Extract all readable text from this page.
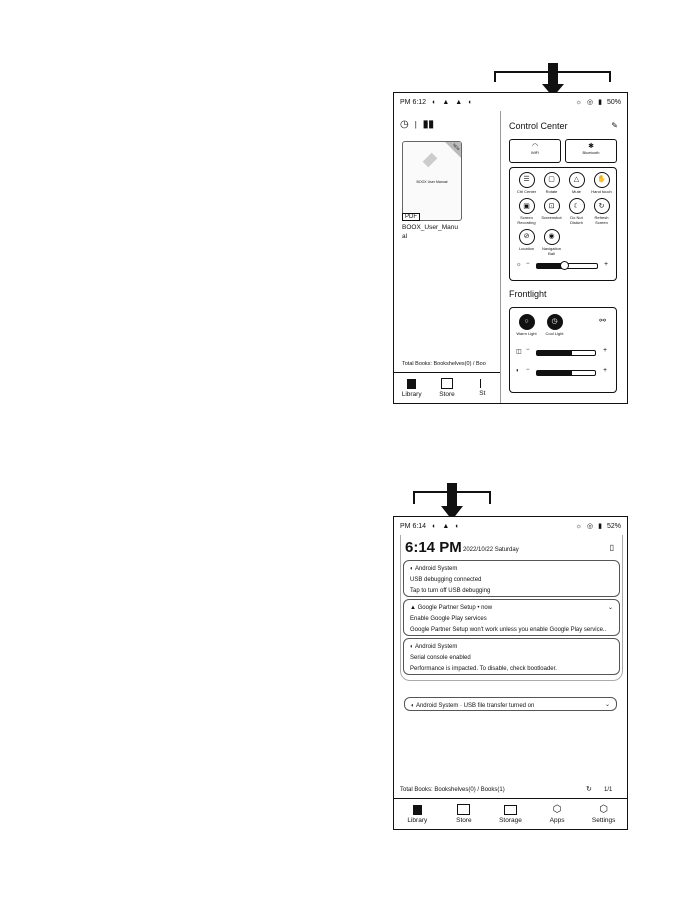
PM 6:12 ◐ ▲ ▲ ◐	☼ ◎ ▮ 50%
◷ | ▮▮
NEW
BOOX User Manual
PDF
BOOX_User_Manu al
Total Books: Bookshelves(0) / Boo
Library	Store	St
Control Center	✎
◠
WiFi
✱
Bluetooth
☰
Ctrl Center
▢
Rotate
△
Mute
✋
Hand touch
▣
Screen Recording
⊡
Screenshot
☾
Do Not Disturb
↻
Refresh Screen
⊘
Location
◉
Navigation Ball
☼ −	+
Frontlight
○
Warm Light
◷
Cool Light
⚯
◫ −	+
◐ −	+
PM 6:14 ◐ ▲ ◐	☼ ◎ ▮ 52%
6:14 PM 2022/10/22 Saturday	▯
◐ Android System
USB debugging connected
Tap to turn off USB debugging
▲ Google Partner Setup • now	⌄
Enable Google Play services
Google Partner Setup won't work unless you enable Google Play service..
◐ Android System
Serial console enabled
Performance is impacted. To disable, check bootloader.
◐ Android System · USB file transfer turned on	⌄
Total Books: Bookshelves(0) / Books(1)	↻ 1/1
Library	Store	Storage
⬡
Apps
⬡
Settings
